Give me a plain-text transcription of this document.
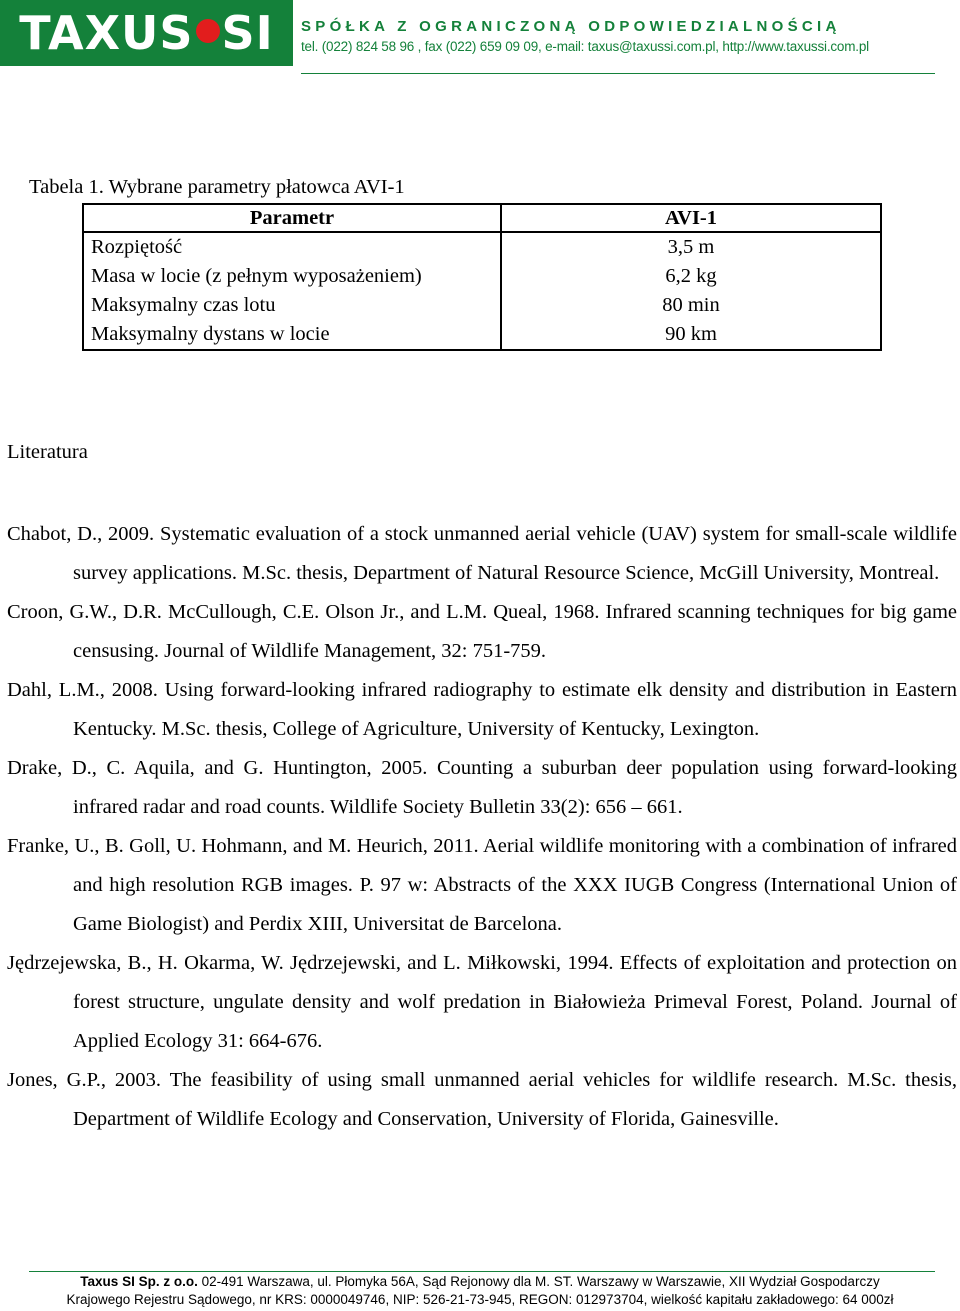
TAXUS SI SPÓŁKA Z OGRANICZONĄ ODPOWIEDZIALNOŚCIĄ
tel. (022) 824 58 96 , fax (022) 659 09 09, e-mail: taxus@taxussi.com.pl, http://www.taxussi.com.pl
Tabela 1. Wybrane parametry płatowca AVI-1
Parametr	AVI-1
Rozpiętość	3,5 m
Masa w locie (z pełnym wyposażeniem)	6,2 kg
Maksymalny czas lotu	80 min
Maksymalny dystans w locie	90 km
Literatura

Chabot, D., 2009. Systematic evaluation of a stock unmanned aerial vehicle (UAV) system for small-scale wildlife survey applications. M.Sc. thesis, Department of Natural Resource Science, McGill University, Montreal.

Croon, G.W., D.R. McCullough, C.E. Olson Jr., and L.M. Queal, 1968. Infrared scanning techniques for big game censusing. Journal of Wildlife Management, 32: 751-759.

Dahl, L.M., 2008. Using forward-looking infrared radiography to estimate elk density and distribution in Eastern Kentucky. M.Sc. thesis, College of Agriculture, University of Kentucky, Lexington.

Drake, D., C. Aquila, and G. Huntington, 2005. Counting a suburban deer population using forward-looking infrared radar and road counts. Wildlife Society Bulletin 33(2): 656 – 661.

Franke, U., B. Goll, U. Hohmann, and M. Heurich, 2011. Aerial wildlife monitoring with a combination of infrared and high resolution RGB images. P. 97 w: Abstracts of the XXX IUGB Congress (International Union of Game Biologist) and Perdix XIII, Universitat de Barcelona.

Jędrzejewska, B., H. Okarma, W. Jędrzejewski, and L. Miłkowski, 1994. Effects of exploitation and protection on forest structure, ungulate density and wolf predation in Białowieża Primeval Forest, Poland. Journal of Applied Ecology 31: 664-676.

Jones, G.P., 2003. The feasibility of using small unmanned aerial vehicles for wildlife research. M.Sc. thesis, Department of Wildlife Ecology and Conservation, University of Florida, Gainesville.

Taxus SI Sp. z o.o. 02-491 Warszawa, ul. Płomyka 56A, Sąd Rejonowy dla M. ST. Warszawy w Warszawie, XII Wydział Gospodarczy
Krajowego Rejestru Sądowego, nr KRS: 0000049746, NIP: 526-21-73-945, REGON: 012973704, wielkość kapitału zakładowego: 64 000zł
